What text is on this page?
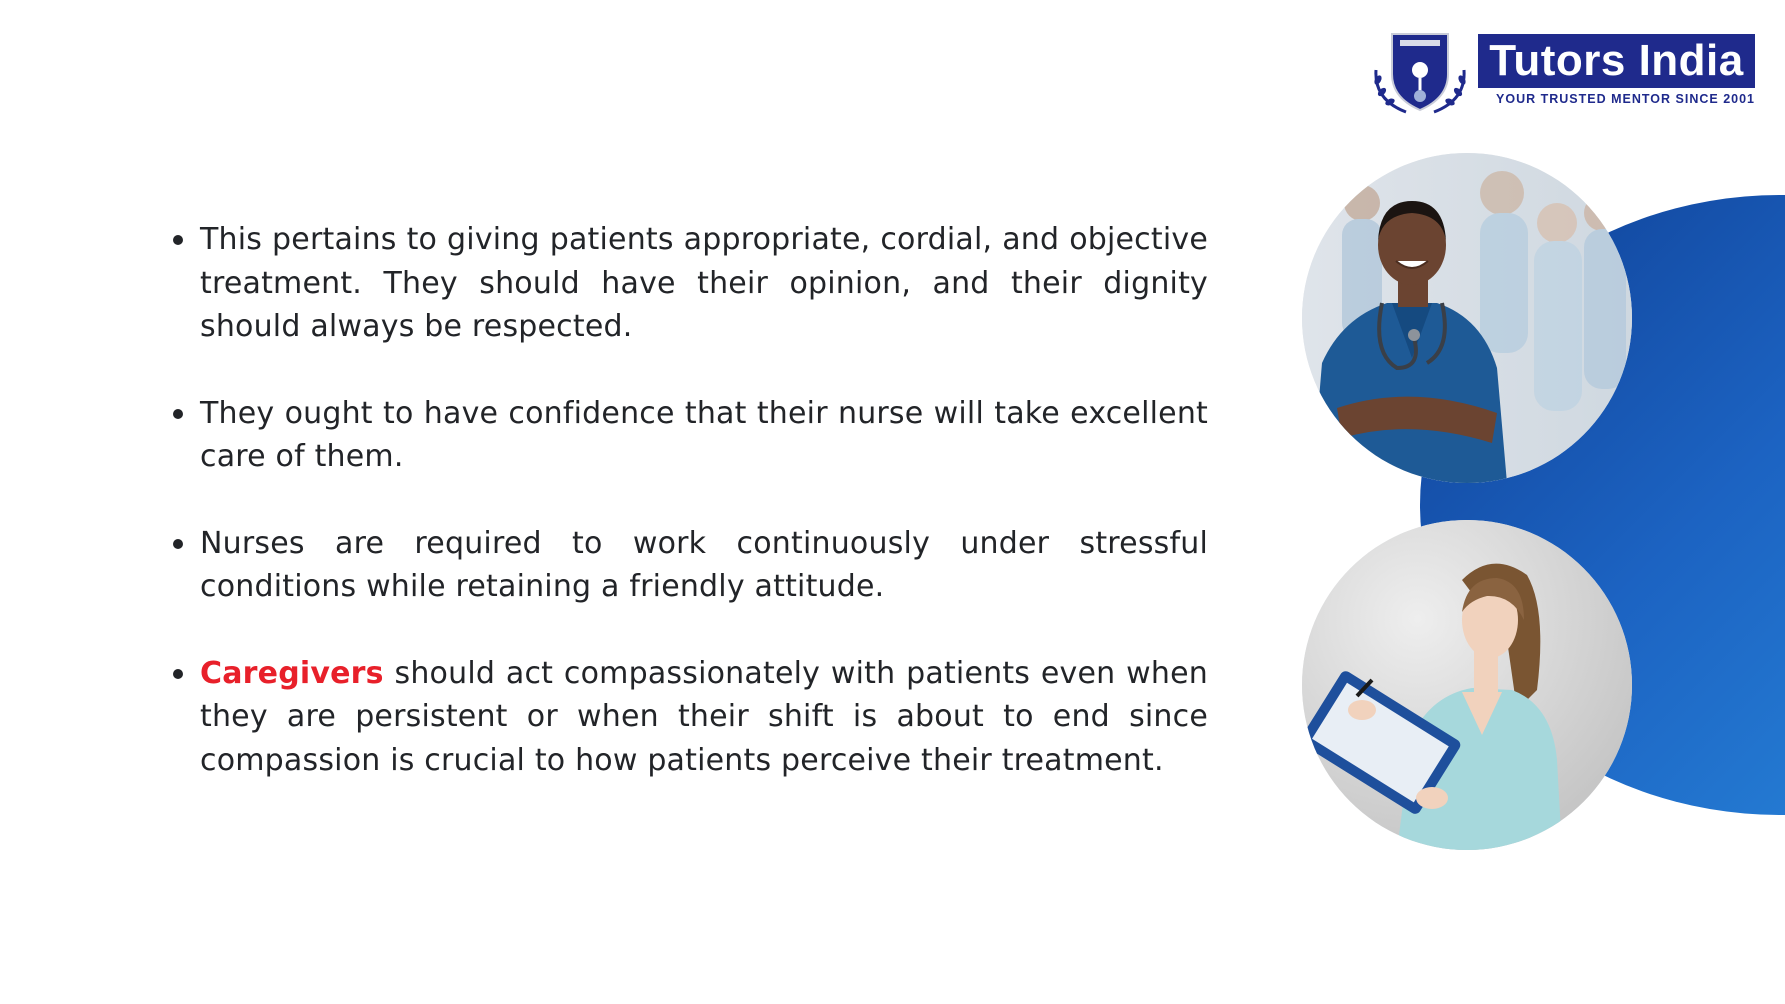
Tutors India
YOUR TRUSTED MENTOR SINCE 2001
This pertains to giving patients appropriate, cordial, and objective treatment. They should have their opinion, and their dignity should always be respected.
They ought to have confidence that their nurse will take excellent care of them.
Nurses are required to work continuously under stressful conditions while retaining a friendly attitude.
Caregivers should act compassionately with patients even when they are persistent or when their shift is about to end since compassion is crucial to how patients perceive their treatment.
